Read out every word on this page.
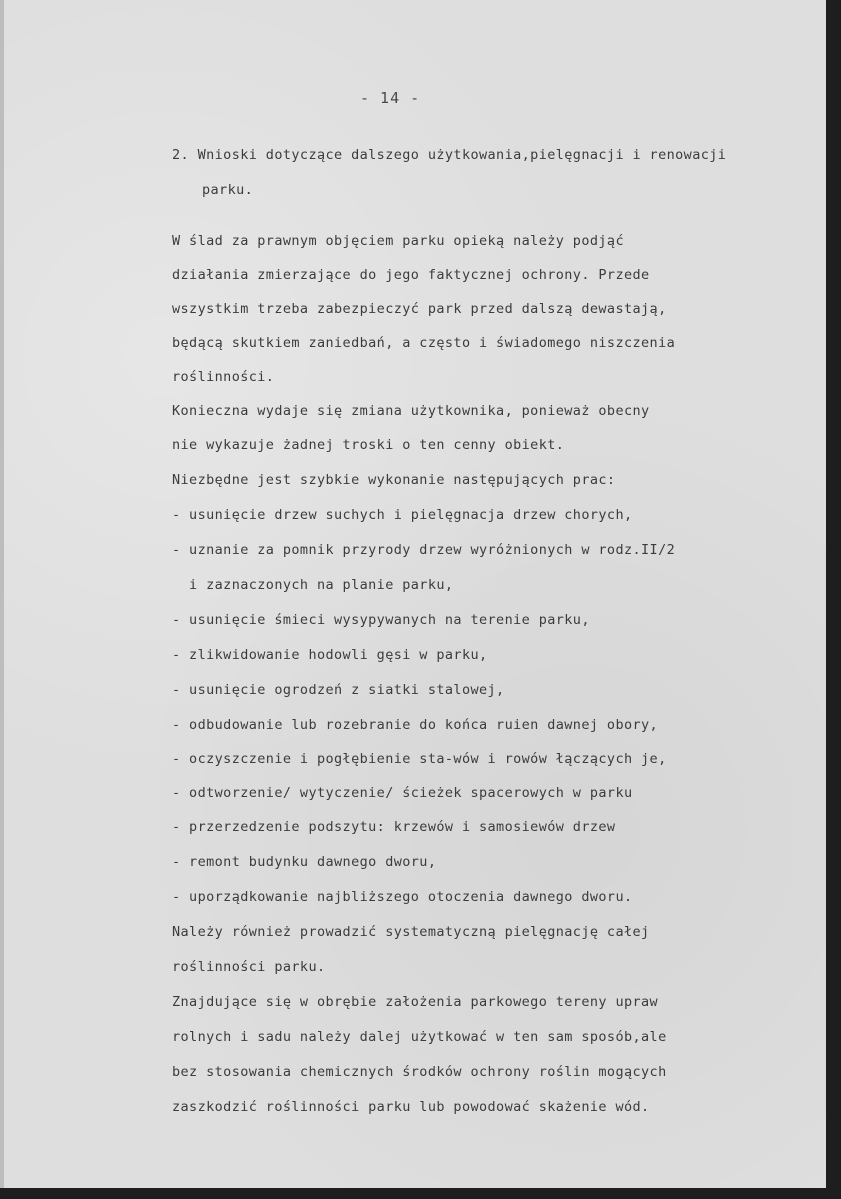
- 14 -
2. Wnioski dotyczące dalszego użytkowania,pielęgnacji i renowacji
parku.
W ślad za prawnym objęciem parku opieką należy podjąć
działania zmierzające do jego faktycznej ochrony. Przede
wszystkim trzeba zabezpieczyć park przed dalszą dewastają,
będącą skutkiem zaniedbań, a często i świadomego niszczenia
roślinności.
Konieczna wydaje się zmiana użytkownika, ponieważ obecny
nie wykazuje żadnej troski o ten cenny obiekt.
Niezbędne jest szybkie wykonanie następujących prac:
- usunięcie drzew suchych i pielęgnacja drzew chorych,
- uznanie za pomnik przyrody drzew wyróżnionych w rodz.II/2
i zaznaczonych na planie parku,
- usunięcie śmieci wysypywanych na terenie parku,
- zlikwidowanie hodowli gęsi w parku,
- usunięcie ogrodzeń z siatki stalowej,
- odbudowanie lub rozebranie do końca ruien dawnej obory,
- oczyszczenie i pogłębienie sta-wów i rowów łączących je,
- odtworzenie/ wytyczenie/ ścieżek spacerowych w parku
- przerzedzenie podszytu: krzewów i samosiewów drzew
- remont budynku dawnego dworu,
- uporządkowanie najbliższego otoczenia dawnego dworu.
Należy również prowadzić systematyczną pielęgnację całej
roślinności parku.
Znajdujące się w obrębie założenia parkowego tereny upraw
rolnych i sadu należy dalej użytkować w ten sam sposób,ale
bez stosowania chemicznych środków ochrony roślin mogących
zaszkodzić roślinności parku lub powodować skażenie wód.
